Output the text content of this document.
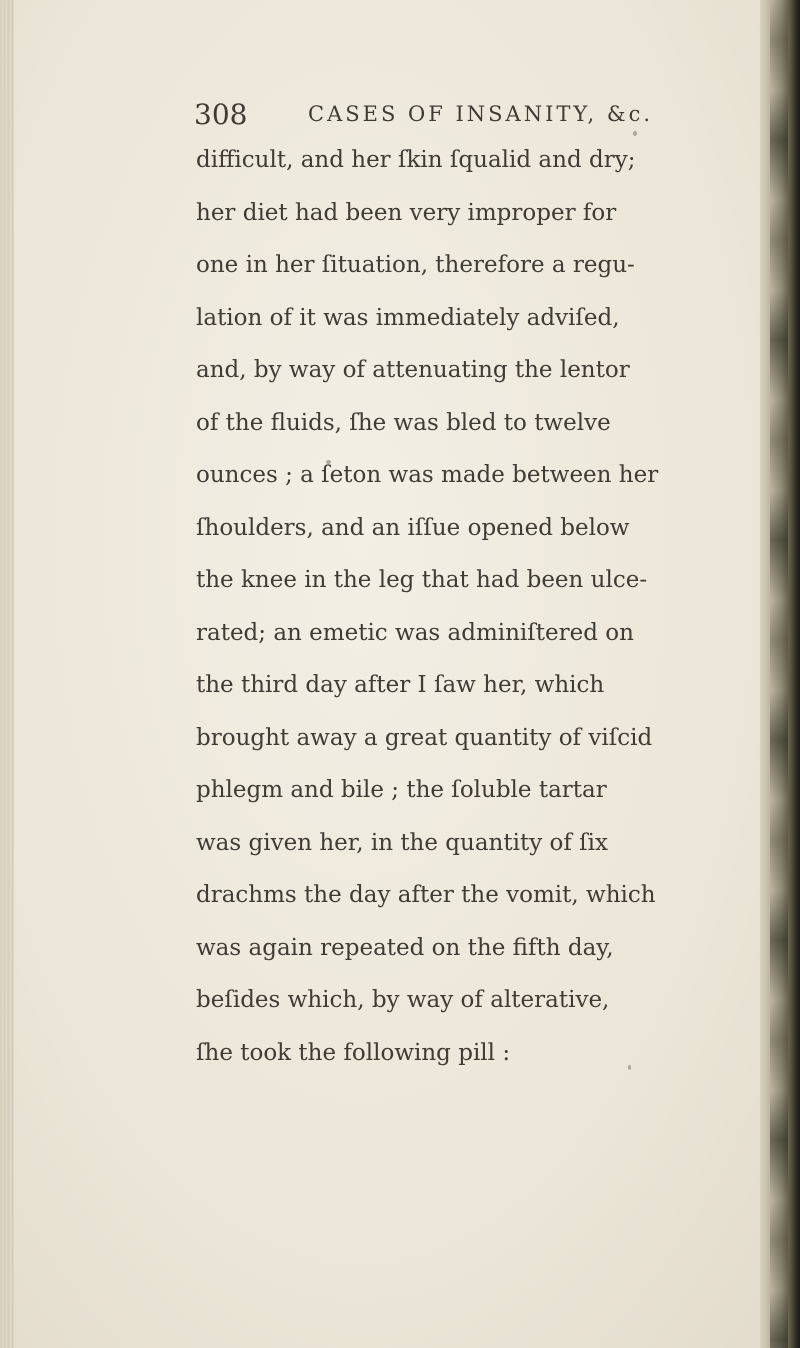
308	CASES OF INSANITY, &c.
difficult, and her ſkin ſqualid and dry;
her diet had been very improper for
one in her ſituation, therefore a regu-
lation of it was immediately adviſed,
and, by way of attenuating the lentor
of the fluids, ſhe was bled to twelve
ounces ; a ſeton was made between her
ſhoulders, and an iſſue opened below
the knee in the leg that had been ulce-
rated; an emetic was adminiſtered on
the third day after I ſaw her, which
brought away a great quantity of viſcid
phlegm and bile ; the ſoluble tartar
was given her, in the quantity of ſix
drachms the day after the vomit, which
was again repeated on the fifth day,
beſides which, by way of alterative,
ſhe took the following pill :
